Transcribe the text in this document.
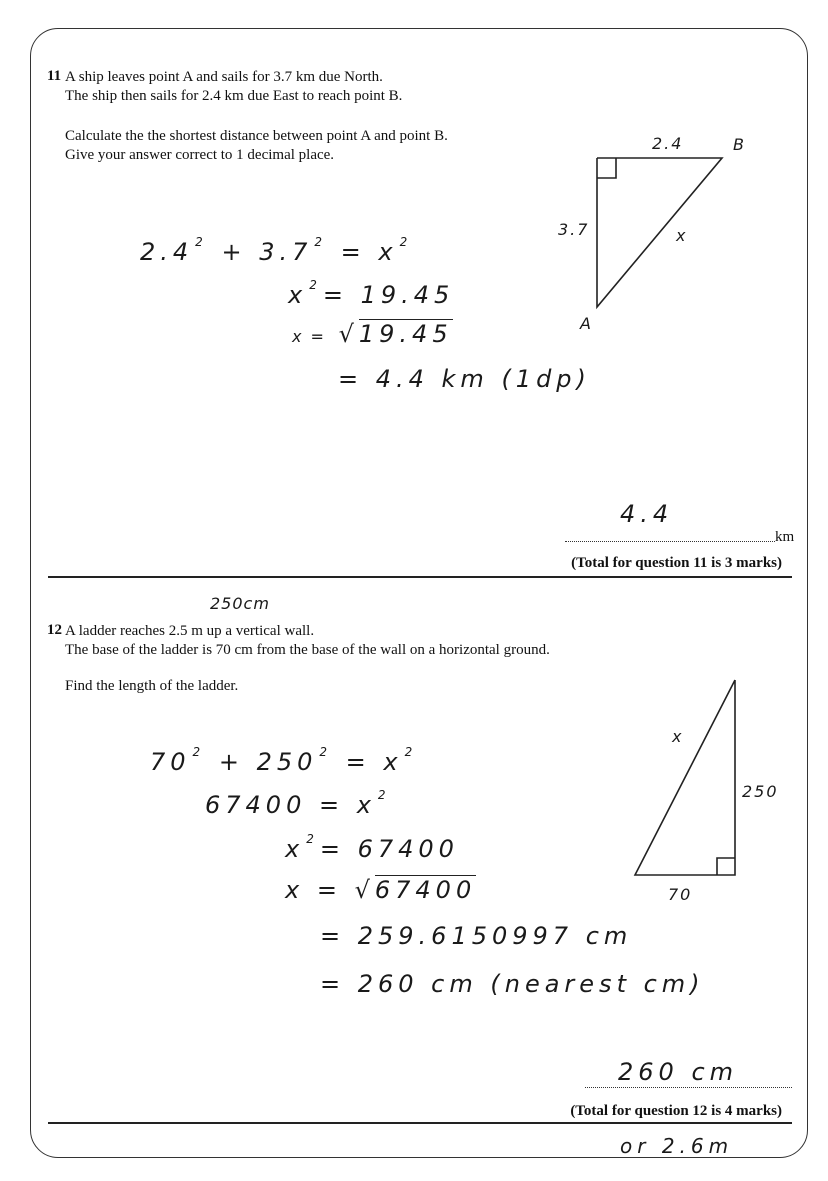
11 A ship leaves point A and sails for 3.7 km due North.
The ship then sails for 2.4 km due East to reach point B.
Calculate the the shortest distance between point A and point B.
Give your answer correct to 1 decimal place.
2.4 $^2$ + 3.7 $^2$ = x $^2$
x $^2$ = 19.45
x = √19.45
= 4.4 km (1dp)
2.4	B
3.7	x
A
4.4
km
(Total for question 11 is 3 marks)
250cm
12 A ladder reaches 2.5 m up a vertical wall.
The base of the ladder is 70 cm from the base of the wall on a horizontal ground.
Find the length of the ladder.
70 $^2$ + 250 $^2$ = x $^2$
67400 = x $^2$
x $^2$ = 67400
x = √67400
= 259.6150997 cm
= 260 cm (nearest cm)
x
250
70
260 cm
(Total for question 12 is 4 marks)
or 2.6m
